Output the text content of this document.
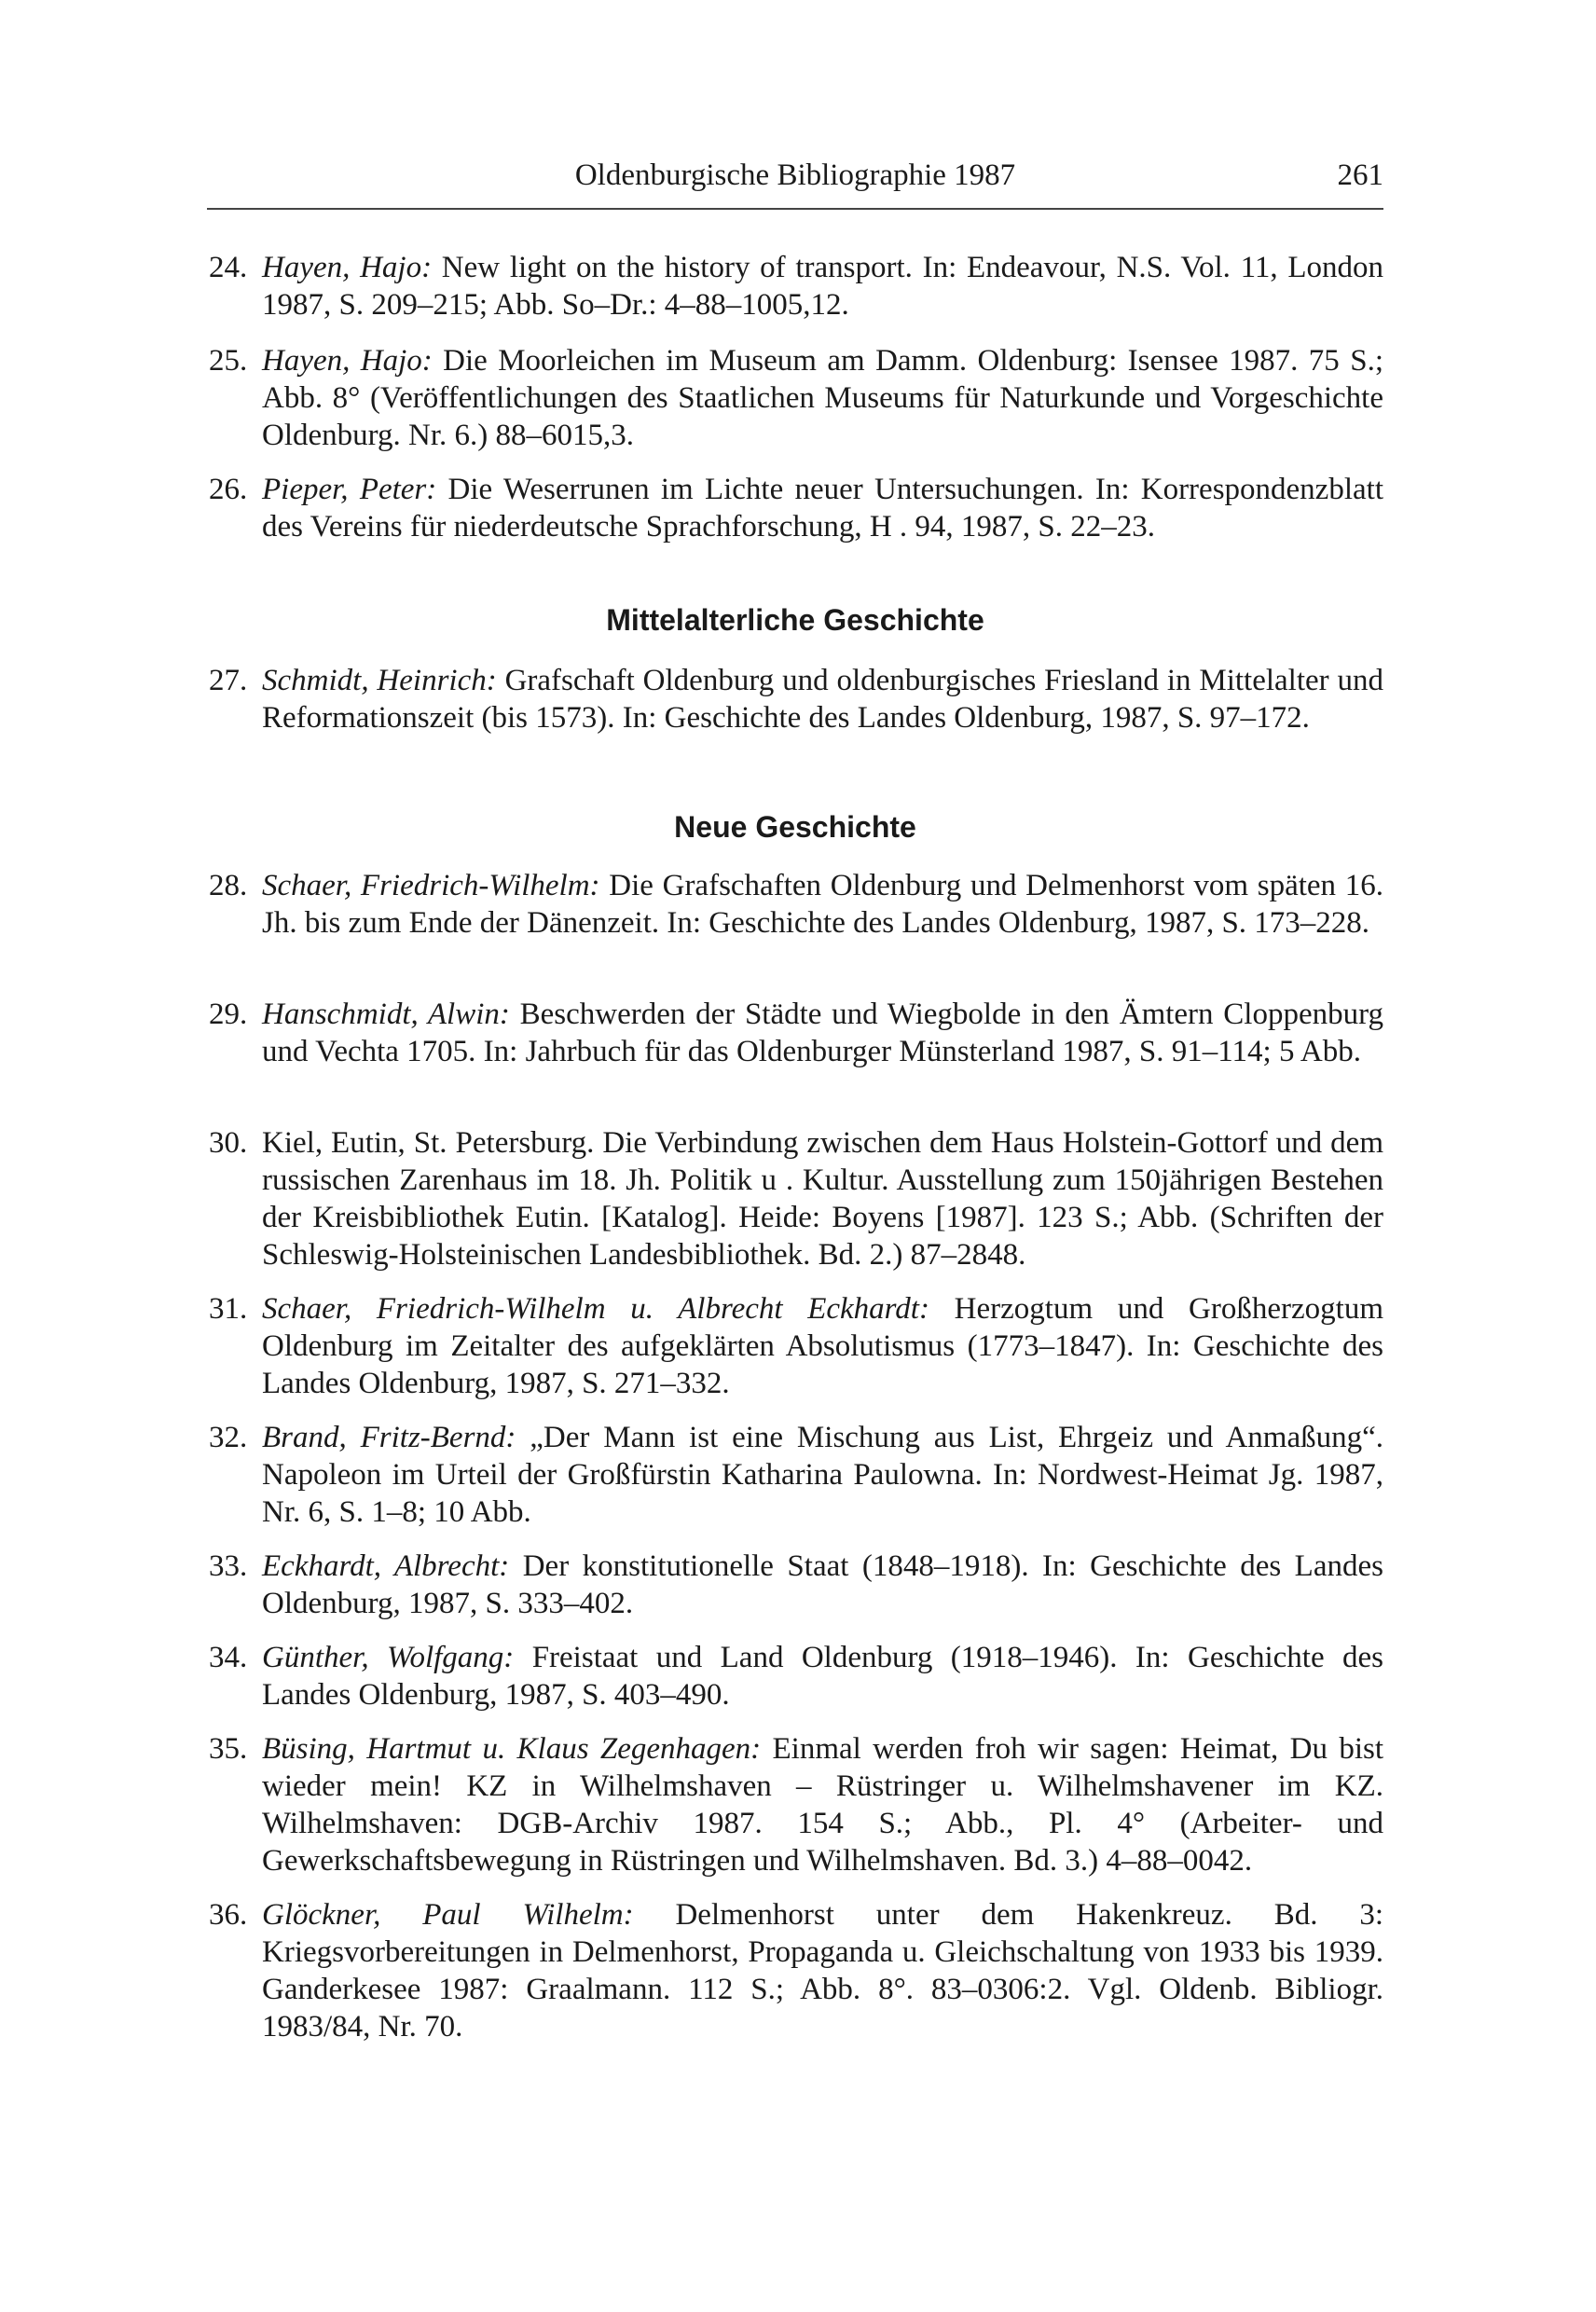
Oldenburgische Bibliographie 1987	261
24. Hayen, Hajo: New light on the history of transport. In: Endeavour, N.S. Vol. 11, London 1987, S. 209–215; Abb. So–Dr.: 4–88–1005,12.
25. Hayen, Hajo: Die Moorleichen im Museum am Damm. Oldenburg: Isensee 1987. 75 S.; Abb. 8° (Veröffentlichungen des Staatlichen Museums für Naturkunde und Vorgeschichte Oldenburg. Nr. 6.) 88–6015,3.
26. Pieper, Peter: Die Weserrunen im Lichte neuer Untersuchungen. In: Korrespondenzblatt des Vereins für niederdeutsche Sprachforschung, H . 94, 1987, S. 22–23.
Mittelalterliche Geschichte
27. Schmidt, Heinrich: Grafschaft Oldenburg und oldenburgisches Friesland in Mittelalter und Reformationszeit (bis 1573). In: Geschichte des Landes Oldenburg, 1987, S. 97–172.
Neue Geschichte
28. Schaer, Friedrich-Wilhelm: Die Grafschaften Oldenburg und Delmenhorst vom späten 16. Jh. bis zum Ende der Dänenzeit. In: Geschichte des Landes Oldenburg, 1987, S. 173–228.
29. Hanschmidt, Alwin: Beschwerden der Städte und Wiegbolde in den Ämtern Cloppenburg und Vechta 1705. In: Jahrbuch für das Oldenburger Münsterland 1987, S. 91–114; 5 Abb.
30. Kiel, Eutin, St. Petersburg. Die Verbindung zwischen dem Haus Holstein-Gottorf und dem russischen Zarenhaus im 18. Jh. Politik u . Kultur. Ausstellung zum 150jährigen Bestehen der Kreisbibliothek Eutin. [Katalog]. Heide: Boyens [1987]. 123 S.; Abb. (Schriften der Schleswig-Holsteinischen Landesbibliothek. Bd. 2.) 87–2848.
31. Schaer, Friedrich-Wilhelm u. Albrecht Eckhardt: Herzogtum und Großherzogtum Oldenburg im Zeitalter des aufgeklärten Absolutismus (1773–1847). In: Geschichte des Landes Oldenburg, 1987, S. 271–332.
32. Brand, Fritz-Bernd: „Der Mann ist eine Mischung aus List, Ehrgeiz und Anmaßung“. Napoleon im Urteil der Großfürstin Katharina Paulowna. In: Nordwest-Heimat Jg. 1987, Nr. 6, S. 1–8; 10 Abb.
33. Eckhardt, Albrecht: Der konstitutionelle Staat (1848–1918). In: Geschichte des Landes Oldenburg, 1987, S. 333–402.
34. Günther, Wolfgang: Freistaat und Land Oldenburg (1918–1946). In: Geschichte des Landes Oldenburg, 1987, S. 403–490.
35. Büsing, Hartmut u. Klaus Zegenhagen: Einmal werden froh wir sagen: Heimat, Du bist wieder mein! KZ in Wilhelmshaven – Rüstringer u. Wilhelmshavener im KZ. Wilhelmshaven: DGB-Archiv 1987. 154 S.; Abb., Pl. 4° (Arbeiter- und Gewerkschaftsbewegung in Rüstringen und Wilhelmshaven. Bd. 3.) 4–88–0042.
36. Glöckner, Paul Wilhelm: Delmenhorst unter dem Hakenkreuz. Bd. 3: Kriegsvorbereitungen in Delmenhorst, Propaganda u. Gleichschaltung von 1933 bis 1939. Ganderkesee 1987: Graalmann. 112 S.; Abb. 8°. 83–0306:2. Vgl. Oldenb. Bibliogr. 1983/84, Nr. 70.
